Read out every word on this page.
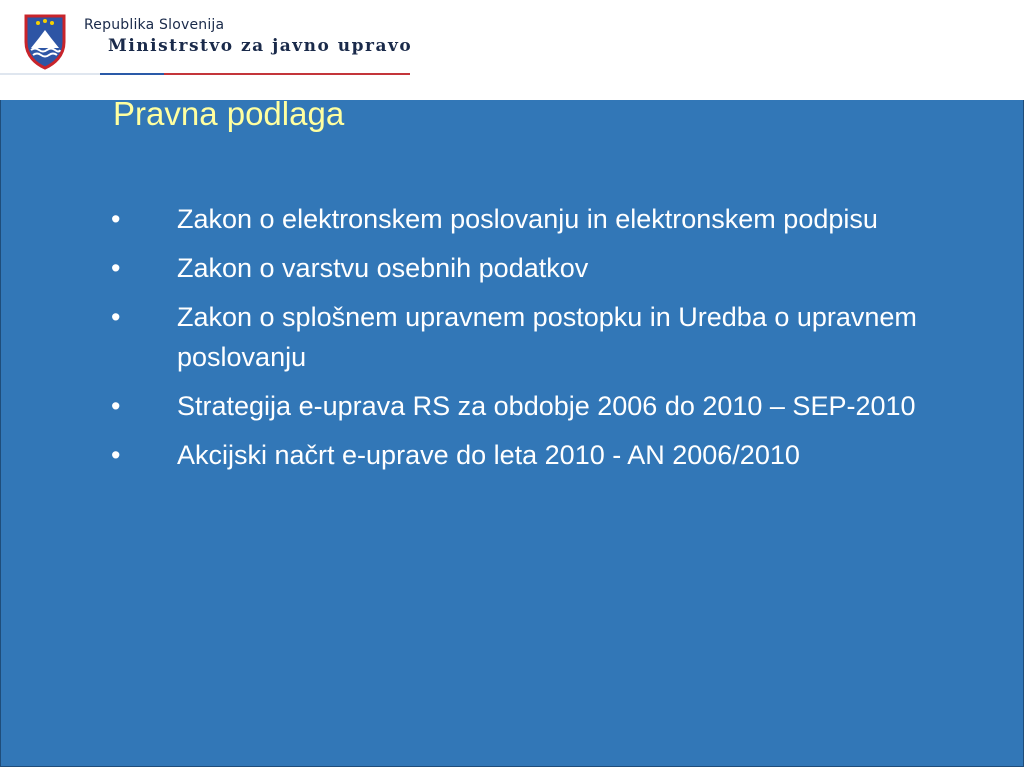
Republika Slovenija
Ministrstvo za javno upravo
Pravna podlaga
•	Zakon o elektronskem poslovanju in elektronskem podpisu
•	Zakon o varstvu osebnih podatkov
•	Zakon o splošnem upravnem postopku in Uredba o upravnem poslovanju
•	Strategija e-uprava RS za obdobje 2006 do 2010 – SEP-2010
•	Akcijski načrt e-uprave do leta 2010 - AN 2006/2010
